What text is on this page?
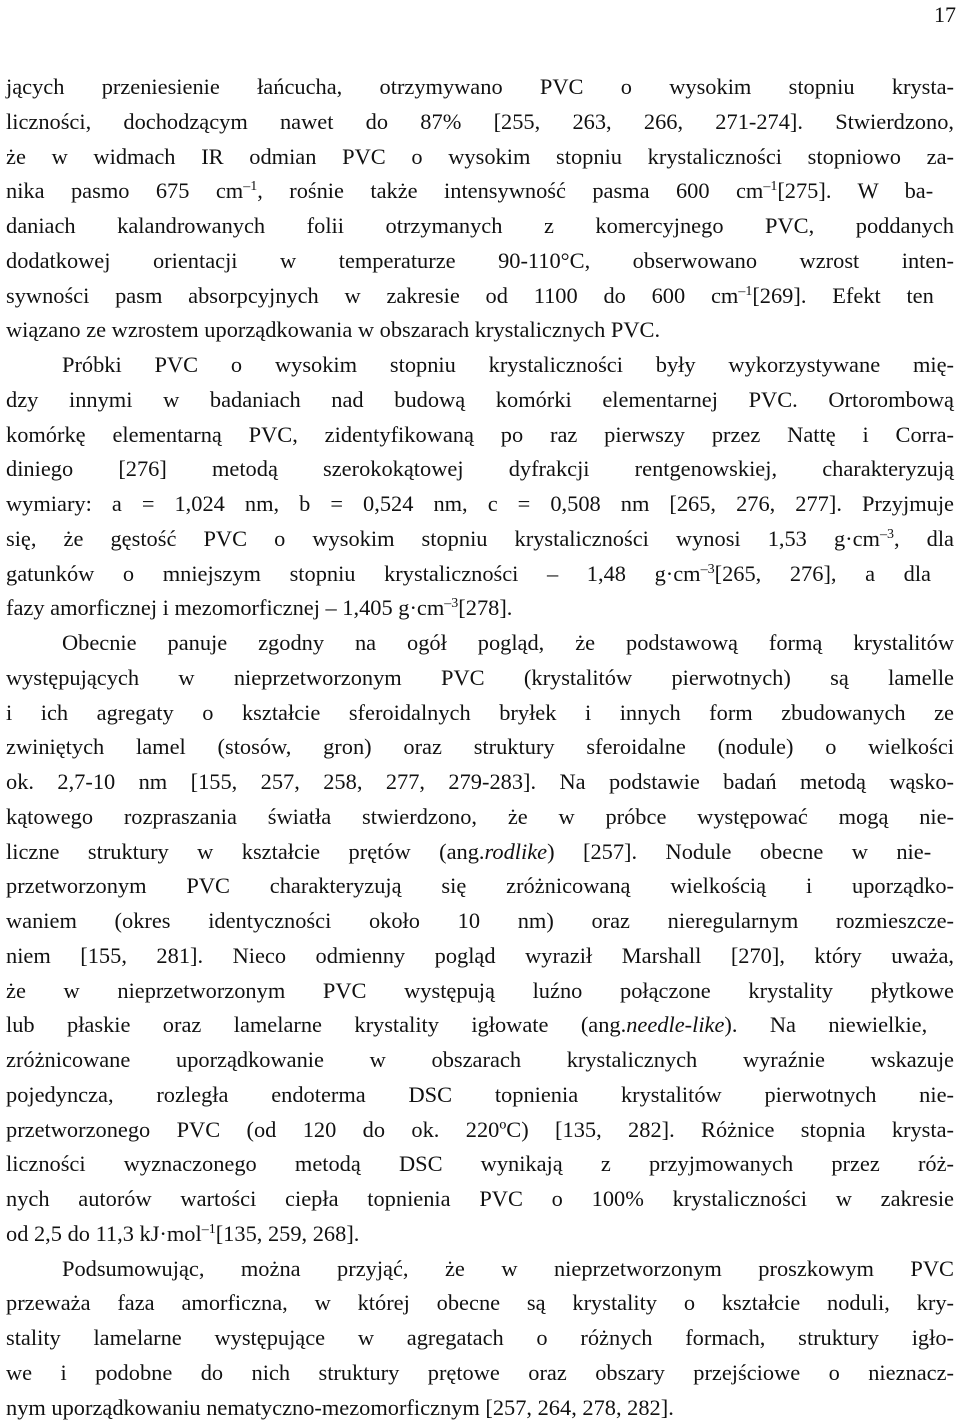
17
jących przeniesienie łańcucha, otrzymywano PVC o wysokim stopniu krysta-
liczności, dochodzącym nawet do 87% [255, 263, 266, 271-274]. Stwierdzono,
że w widmach IR odmian PVC o wysokim stopniu krystaliczności stopniowo za-
nika pasmo 675 $cm^{-1}$, rośnie także intensywność pasma 600 $cm^{-1}[275]$. W ba-
daniach kalandrowanych folii otrzymanych z komercyjnego PVC, poddanych
dodatkowej orientacji w temperaturze 90-110°C, obserwowano wzrost inten-
sywności pasm absorpcyjnych w zakresie od 1100 do 600 $cm^{-1}[269]$. Efekt ten
wiązano ze wzrostem uporządkowania w obszarach krystalicznych PVC.
Próbki PVC o wysokim stopniu krystaliczności były wykorzystywane mię-
dzy innymi w badaniach nad budową komórki elementarnej PVC. Ortorombową
komórkę elementarną PVC, zidentyfikowaną po raz pierwszy przez Nattę i Corra-
diniego [276] metodą szerokokątowej dyfrakcji rentgenowskiej, charakteryzują
wymiary: a = 1,024 nm, b = 0,524 nm, c = 0,508 nm [265, 276, 277]. Przyjmuje
się, że gęstość PVC o wysokim stopniu krystaliczności wynosi 1,53 $g\cdot cm^{-3}$, dla
gatunków o mniejszym stopniu krystaliczności – 1,48 $g\cdot cm^{-3}[265$, 276], a dla
fazy amorficznej i mezomorficznej – 1,405 $g\cdot cm^{-3}[278]$.
Obecnie panuje zgodny na ogół pogląd, że podstawową formą krystalitów
występujących w nieprzetworzonym PVC (krystalitów pierwotnych) są lamelle
i ich agregaty o kształcie sferoidalnych bryłek i innych form zbudowanych ze
zwiniętych lamel (stosów, gron) oraz struktury sferoidalne (nodule) o wielkości
ok. 2,7-10 nm [155, 257, 258, 277, 279-283]. Na podstawie badań metodą wąsko-
kątowego rozpraszania światła stwierdzono, że w próbce występować mogą nie-
liczne struktury w kształcie prętów (ang.rodlike) [257]. Nodule obecne w nie-
przetworzonym PVC charakteryzują się zróżnicowaną wielkością i uporządko-
waniem (okres identyczności około 10 nm) oraz nieregularnym rozmieszcze-
niem [155, 281]. Nieco odmienny pogląd wyraził Marshall [270], który uważa,
że w nieprzetworzonym PVC występują luźno połączone krystality płytkowe
lub płaskie oraz lamelarne krystality igłowate (ang.needle-like). Na niewielkie,
zróżnicowane uporządkowanie w obszarach krystalicznych wyraźnie wskazuje
pojedyncza, rozległa endoterma DSC topnienia krystalitów pierwotnych nie-
przetworzonego PVC (od 120 do ok. 220ºC) [135, 282]. Różnice stopnia krysta-
liczności wyznaczonego metodą DSC wynikają z przyjmowanych przez róż-
nych autorów wartości ciepła topnienia PVC o 100% krystaliczności w zakresie
od 2,5 do 11,3 kJ·mol$^{-1}$[135, 259, 268].
Podsumowując, można przyjąć, że w nieprzetworzonym proszkowym PVC
przeważa faza amorficzna, w której obecne są krystality o kształcie noduli, kry-
stality lamelarne występujące w agregatach o różnych formach, struktury igło-
we i podobne do nich struktury prętowe oraz obszary przejściowe o nieznacz-
nym uporządkowaniu nematyczno-mezomorficznym [257, 264, 278, 282].
